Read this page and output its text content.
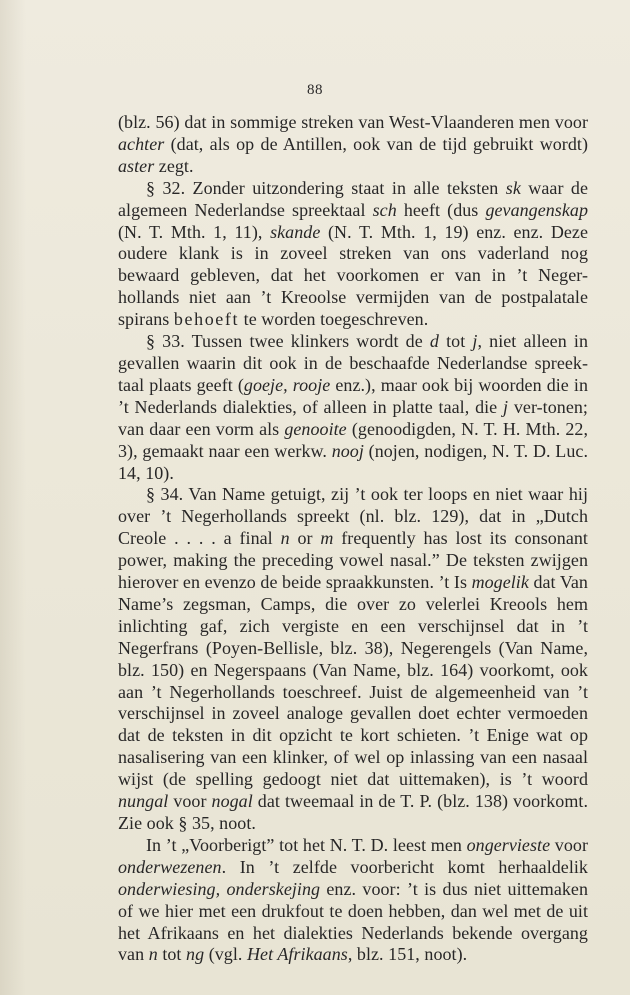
88

(blz. 56) dat in sommige streken van West-Vlaanderen men voor achter (dat, als op de Antillen, ook van de tijd gebruikt wordt) aster zegt.

§ 32. Zonder uitzondering staat in alle teksten sk waar de algemeen Nederlandse spreektaal sch heeft (dus gevangenskap (N. T. Mth. 1, 11), skande (N. T. Mth. 1, 19) enz. enz. Deze oudere klank is in zoveel streken van ons vaderland nog bewaard gebleven, dat het voorkomen er van in ’t Neger-hollands niet aan ’t Kreoolse vermijden van de postpalatale spirans behoeft te worden toegeschreven.

§ 33. Tussen twee klinkers wordt de d tot j, niet alleen in gevallen waarin dit ook in de beschaafde Nederlandse spreek-taal plaats geeft (goeje, rooje enz.), maar ook bij woorden die in ’t Nederlands dialekties, of alleen in platte taal, die j ver-tonen; van daar een vorm als genooite (genoodigden, N. T. H. Mth. 22, 3), gemaakt naar een werkw. nooj (nojen, nodigen, N. T. D. Luc. 14, 10).

§ 34. Van Name getuigt, zij ’t ook ter loops en niet waar hij over ’t Negerhollands spreekt (nl. blz. 129), dat in „Dutch Creole . . . . a final n or m frequently has lost its consonant power, making the preceding vowel nasal.” De teksten zwijgen hierover en evenzo de beide spraakkunsten. ’t Is mogelik dat Van Name’s zegsman, Camps, die over zo velerlei Kreools hem inlichting gaf, zich vergiste en een verschijnsel dat in ’t Negerfrans (Poyen-Bellisle, blz. 38), Negerengels (Van Name, blz. 150) en Negerspaans (Van Name, blz. 164) voorkomt, ook aan ’t Negerhollands toeschreef. Juist de algemeenheid van ’t verschijnsel in zoveel analoge gevallen doet echter vermoeden dat de teksten in dit opzicht te kort schieten. ’t Enige wat op nasalisering van een klinker, of wel op inlassing van een nasaal wijst (de spelling gedoogt niet dat uittemaken), is ’t woord nungal voor nogal dat tweemaal in de T. P. (blz. 138) voorkomt. Zie ook § 35, noot.

In ’t „Voorberigt” tot het N. T. D. leest men ongervieste voor onderwezenen. In ’t zelfde voorbericht komt herhaaldelik onderwiesing, onderskejing enz. voor: ’t is dus niet uittemaken of we hier met een drukfout te doen hebben, dan wel met de uit het Afrikaans en het dialekties Nederlands bekende overgang van n tot ng (vgl. Het Afrikaans, blz. 151, noot).
